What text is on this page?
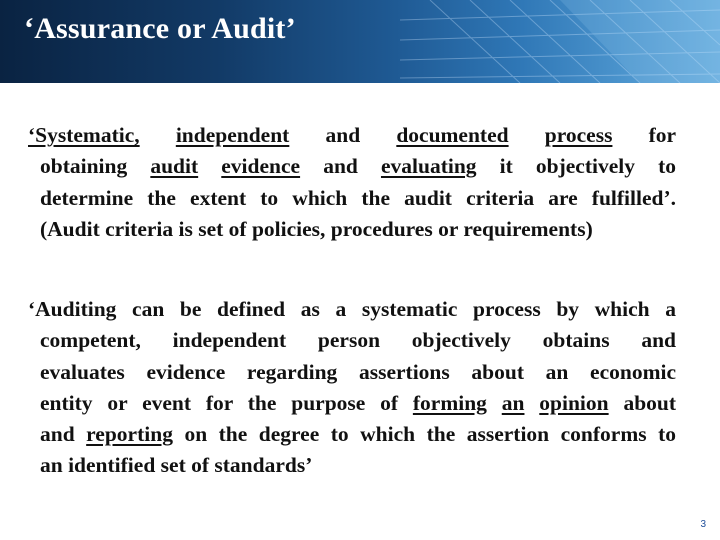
‘Assurance or Audit’
‘Systematic, independent and documented process for
obtaining audit evidence and evaluating it objectively to
determine the extent to which the audit criteria are fulfilled’.
(Audit criteria is set of policies, procedures or requirements)
‘Auditing can be defined as a systematic process by which a
competent, independent person objectively obtains and
evaluates evidence regarding assertions about an economic
entity or event for the purpose of forming an opinion about
and reporting on the degree to which the assertion conforms to
an identified set of standards’
3
